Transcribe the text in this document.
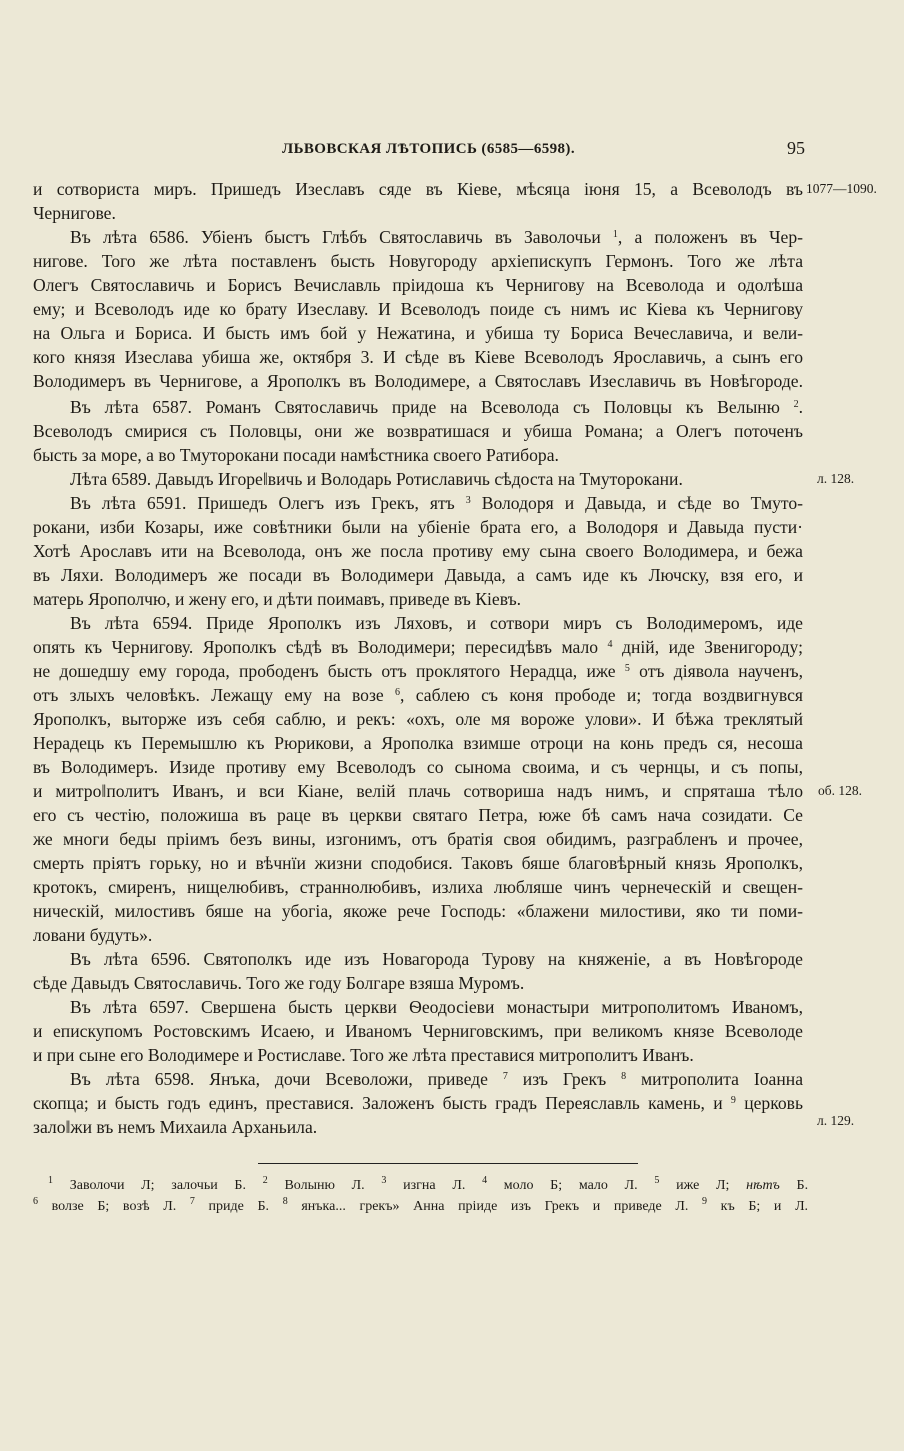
ЛЬВОВСКАЯ ЛѢТОПИСЬ (6585—6598).	95
и сотвориста миръ. Пришедъ Изеславъ сяде въ Кіеве, мѣсяца іюня 15, а Всеволодъ въ
Чернигове.
Въ лѣта 6586. Убіенъ быстъ Глѣбъ Святославичь въ Заволочьи $^1$, а положенъ въ Чер-
нигове. Того же лѣта поставленъ бысть Новугороду архіепискупъ Гермонъ. Того же лѣта
Олегъ Святославичь и Борисъ Вечиславль пріидоша къ Чернигову на Всеволода и одолѣша
ему; и Всеволодъ иде ко брату Изеславу. И Всеволодъ поиде съ нимъ ис Кіева къ Чернигову
на Ольга и Бориса. И бысть имъ бой у Нежатина, и убиша ту Бориса Вечеславича, и вели-
кого князя Изеслава убиша же, октября 3. И сѣде въ Кіеве Всеволодъ Ярославичь, а сынъ его
Володимеръ въ Чернигове, а Ярополкъ въ Володимере, а Святославъ Изеславичь въ Новѣгороде.
Въ лѣта 6587. Романъ Святославичь приде на Всеволода съ Половцы къ Велыню $^2$.
Всеволодъ смирися съ Половцы, они же возвратишася и убиша Романа; а Олегъ поточенъ
бысть за море, а во Тмуторокани посади намѣстника своего Ратибора.
Лѣта 6589. Давыдъ Игоре‖вичь и Володарь Ротиславичь сѣдоста на Тмуторокани.
Въ лѣта 6591. Пришедъ Олегъ изъ Грекъ, ятъ $^3$ Володоря и Давыда, и сѣде во Тмуто-
рокани, изби Козары, иже совѣтники были на убіеніе брата его, а Володоря и Давыда пусти·
Хотѣ Арославъ ити на Всеволода, онъ же посла противу ему сына своего Володимера, и бежа
въ Ляхи. Володимеръ же посади въ Володимери Давыда, а самъ иде къ Лючску, взя его, и
матерь Ярополчю, и жену его, и дѣти поимавъ, приведе въ Кіевъ.
Въ лѣта 6594. Приде Ярополкъ изъ Ляховъ, и сотвори миръ съ Володимеромъ, иде
опять къ Чернигову. Ярополкъ сѣдѣ въ Володимери; пересидѣвъ мало $^4$ дній, иде Звенигороду;
не дошедшу ему города, прободенъ бысть отъ проклятого Нерадца, иже $^5$ отъ діявола наученъ,
отъ злыхъ человѣкъ. Лежащу ему на возе $^6$, саблею съ коня прободе и; тогда воздвигнувся
Ярополкъ, выторже изъ себя саблю, и рекъ: «охъ, оле мя вороже улови». И бѣжа треклятый
Нерадець къ Перемышлю къ Рюрикови, а Ярополка взимше отроци на конь предъ ся, несоша
въ Володимеръ. Изиде противу ему Всеволодъ со сынома своима, и съ чернцы, и съ попы,
и митро‖политъ Иванъ, и вси Кіане, велій плачь сотвориша надъ нимъ, и спряташа тѣло
его съ честію, положиша въ раце въ церкви святаго Петра, юже бѣ самъ нача созидати. Се
же многи беды пріимъ безъ вины, изгонимъ, отъ братія своя обидимъ, разграбленъ и прочее,
смерть пріятъ горьку, но и вѣчнїи жизни сподобися. Таковъ бяше благовѣрный князь Ярополкъ,
кротокъ, смиренъ, нищелюбивъ, страннолюбивъ, излиха любляше чинъ чернеческій и свещен-
ническій, милостивъ бяше на убогіа, якоже рече Господь: «блажени милостиви, яко ти поми-
ловани будуть».
Въ лѣта 6596. Святополкъ иде изъ Новагорода Турову на княженіе, а въ Новѣгороде
сѣде Давыдъ Святославичь. Того же году Болгаре взяша Муромъ.
Въ лѣта 6597. Свершена бысть церкви Ѳеодосіеви монастыри митрополитомъ Иваномъ,
и епискупомъ Ростовскимъ Исаею, и Иваномъ Черниговскимъ, при великомъ князе Всеволоде
и при сыне его Володимере и Ростиславе. Того же лѣта преставися митрополитъ Иванъ.
Въ лѣта 6598. Янъка, дочи Всеволожи, приведе $^7$ изъ Грекъ $^8$ митрополита Іоанна
скопца; и бысть годъ единъ, преставися. Заложенъ бысть градъ Переяславль камень, и $^9$ церковь
зало‖жи въ немъ Михаила Арханьила.
1077—1090.
л. 128.
об. 128.
л. 129.
$^1$ Заволочи Л; залочьи Б. $^2$ Волыню Л. $^3$ изгна Л. $^4$ моло Б; мало Л. $^5$ иже Л; нѣтъ Б.
$^6$ волзе Б; возѣ Л. $^7$ приде Б. $^8$ янъка... грекъ» Анна пріиде изъ Грекъ и приведе Л. $^9$ къ Б; и Л.
